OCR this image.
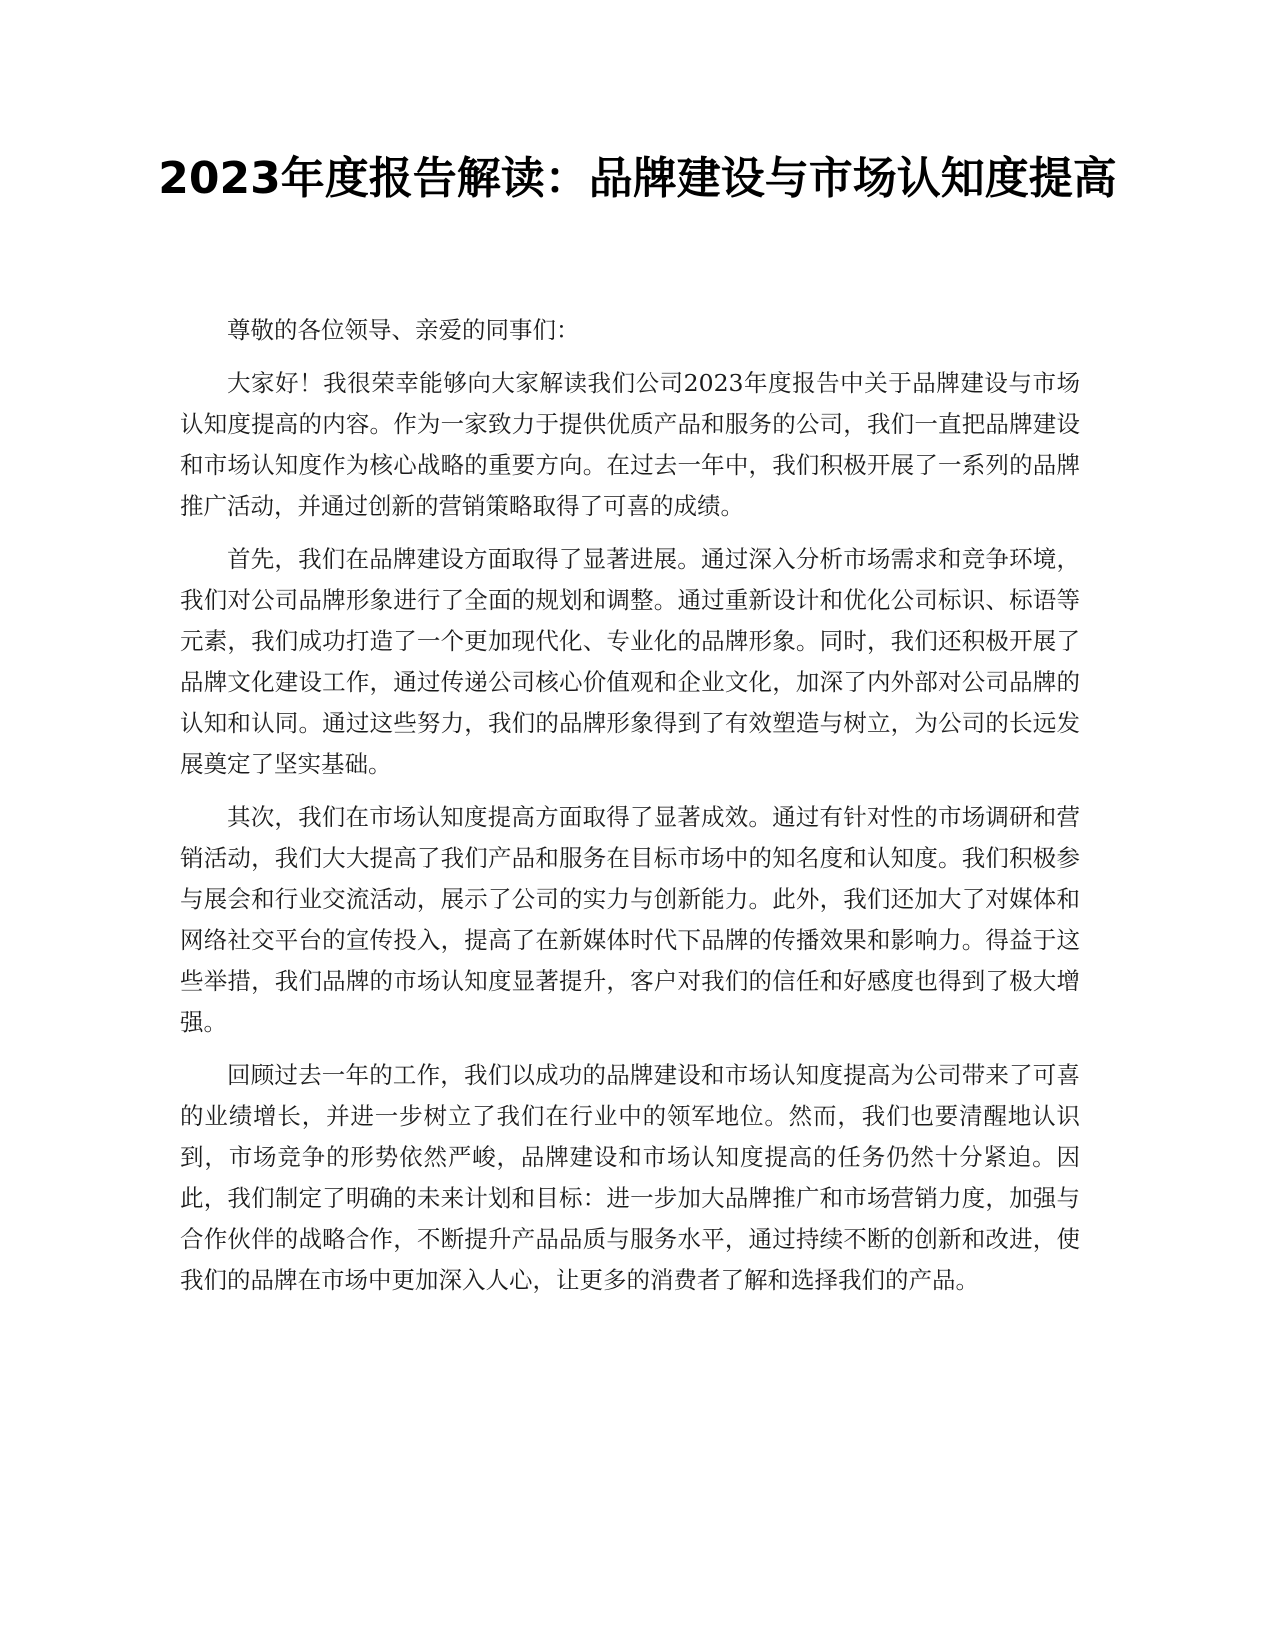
2023年度报告解读：品牌建设与市场认知度提高

尊敬的各位领导、亲爱的同事们：

大家好！我很荣幸能够向大家解读我们公司2023年度报告中关于品牌建设与市场认知度提高的内容。作为一家致力于提供优质产品和服务的公司，我们一直把品牌建设和市场认知度作为核心战略的重要方向。在过去一年中，我们积极开展了一系列的品牌推广活动，并通过创新的营销策略取得了可喜的成绩。

首先，我们在品牌建设方面取得了显著进展。通过深入分析市场需求和竞争环境，我们对公司品牌形象进行了全面的规划和调整。通过重新设计和优化公司标识、标语等元素，我们成功打造了一个更加现代化、专业化的品牌形象。同时，我们还积极开展了品牌文化建设工作，通过传递公司核心价值观和企业文化，加深了内外部对公司品牌的认知和认同。通过这些努力，我们的品牌形象得到了有效塑造与树立，为公司的长远发展奠定了坚实基础。

其次，我们在市场认知度提高方面取得了显著成效。通过有针对性的市场调研和营销活动，我们大大提高了我们产品和服务在目标市场中的知名度和认知度。我们积极参与展会和行业交流活动，展示了公司的实力与创新能力。此外，我们还加大了对媒体和网络社交平台的宣传投入，提高了在新媒体时代下品牌的传播效果和影响力。得益于这些举措，我们品牌的市场认知度显著提升，客户对我们的信任和好感度也得到了极大增强。

回顾过去一年的工作，我们以成功的品牌建设和市场认知度提高为公司带来了可喜的业绩增长，并进一步树立了我们在行业中的领军地位。然而，我们也要清醒地认识到，市场竞争的形势依然严峻，品牌建设和市场认知度提高的任务仍然十分紧迫。因此，我们制定了明确的未来计划和目标：进一步加大品牌推广和市场营销力度，加强与合作伙伴的战略合作，不断提升产品品质与服务水平，通过持续不断的创新和改进，使我们的品牌在市场中更加深入人心，让更多的消费者了解和选择我们的产品。
